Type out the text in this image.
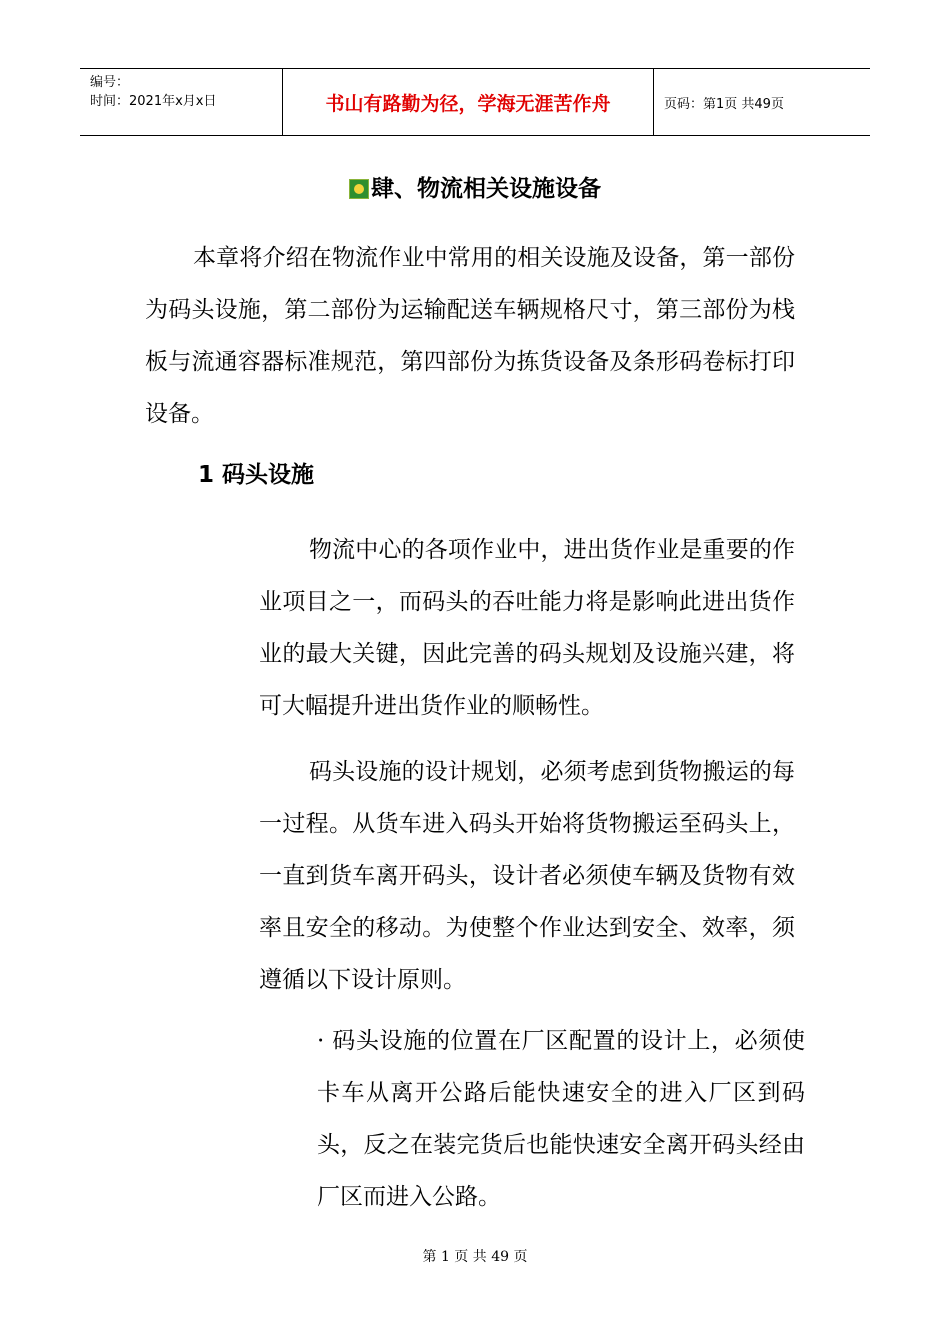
编号：
时间：2021年x月x日	书山有路勤为径，学海无涯苦作舟	页码：第1页 共49页
肆、物流相关设施设备

本章将介绍在物流作业中常用的相关设施及设备，第一部份为码头设施，第二部份为运输配送车辆规格尺寸，第三部份为栈板与流通容器标准规范，第四部份为拣货设备及条形码卷标打印设备。

1 码头设施

物流中心的各项作业中，进出货作业是重要的作业项目之一，而码头的吞吐能力将是影响此进出货作业的最大关键，因此完善的码头规划及设施兴建，将可大幅提升进出货作业的顺畅性。

码头设施的设计规划，必须考虑到货物搬运的每一过程。从货车进入码头开始将货物搬运至码头上，一直到货车离开码头，设计者必须使车辆及货物有效率且安全的移动。为使整个作业达到安全、效率，须遵循以下设计原则。

· 码头设施的位置在厂区配置的设计上，必须使卡车从离开公路后能快速安全的进入厂区到码头，反之在装完货后也能快速安全离开码头经由厂区而进入公路。

第 1 页 共 49 页
